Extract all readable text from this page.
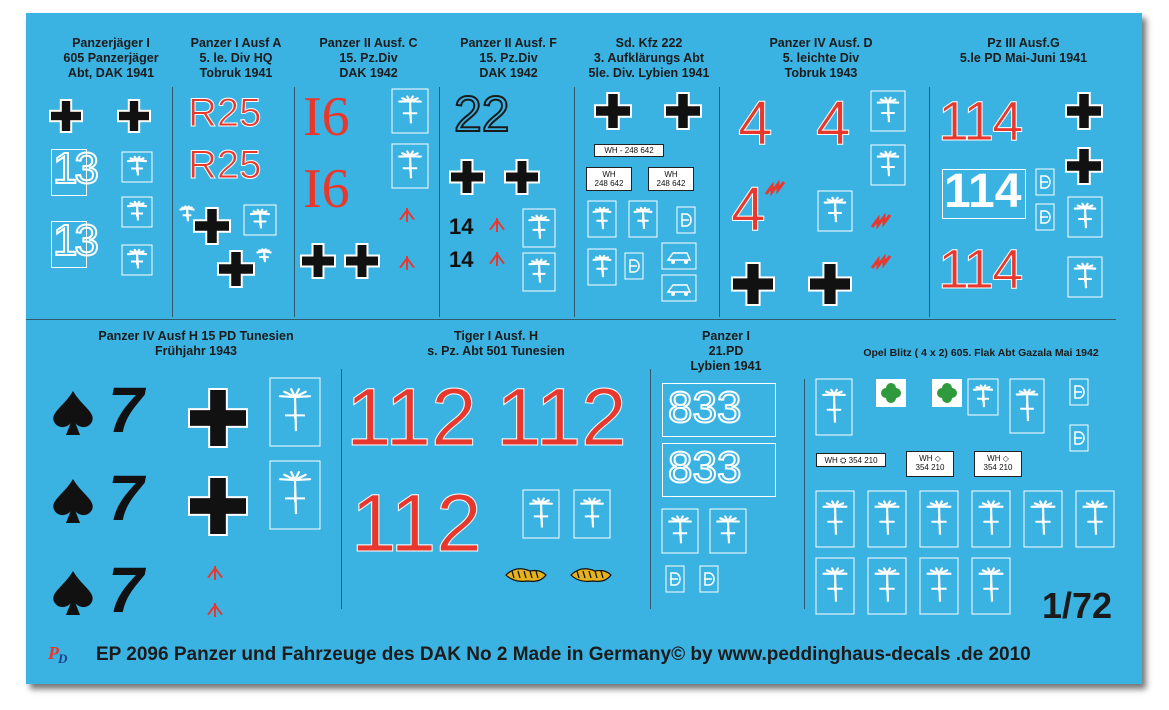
Panzerjäger I
605 Panzerjäger
Abt, DAK 1941
Panzer I Ausf A
5. le. Div HQ
Tobruk 1941
Panzer II Ausf. C
15. Pz.Div
DAK 1942
Panzer II Ausf. F
15. Pz.Div
DAK 1942
Sd. Kfz 222
3. Aufklärungs Abt
5le. Div. Lybien 1941
Panzer IV Ausf. D
5. leichte Div
Tobruk 1943
Pz III Ausf.G
5.le PD Mai-Juni 1941
Panzer IV Ausf H 15 PD Tunesien
Frühjahr 1943
Tiger I Ausf. H
s. Pz. Abt 501 Tunesien
Panzer I
21.PD
Lybien 1941
Opel Blitz ( 4 x 2) 605. Flak Abt Gazala Mai 1942
13
13
R25
R25
I6
I6
22
14
14
WH - 248 642
WH
248 642
WH
248 642
4 4
4
114
114
114
7
7
7
112 112
112
833
833	WH ⛭ 354 210	WH ◇
354 210
WH ◇
354 210
1/72
P D EP 2096 Panzer und Fahrzeuge des DAK No 2 Made in Germany© by www.peddinghaus-decals .de 2010
